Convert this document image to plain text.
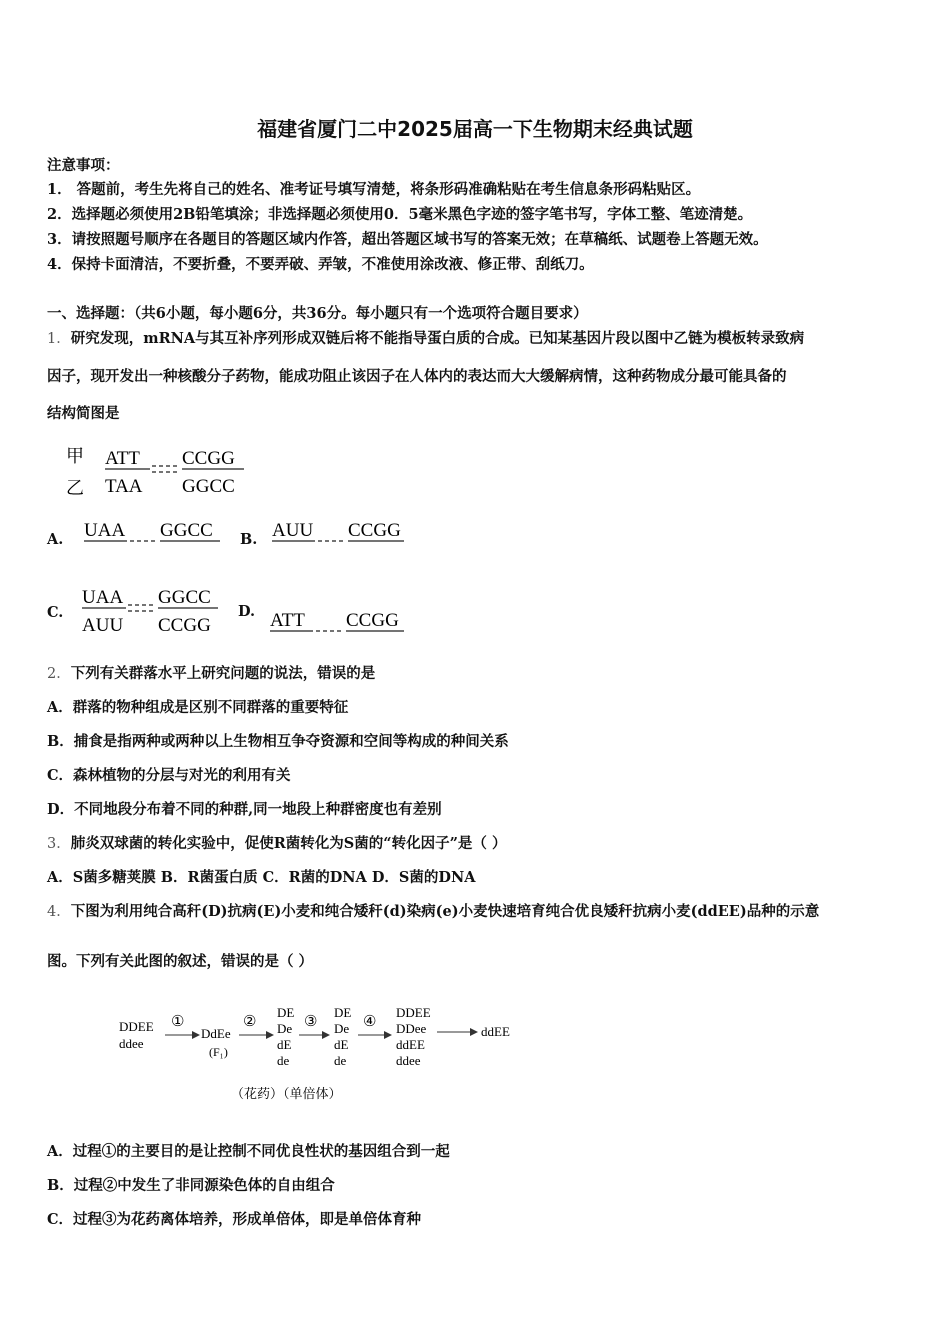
福建省厦门二中2025届高一下生物期末经典试题
注意事项：
1． 答题前，考生先将自己的姓名、准考证号填写清楚，将条形码准确粘贴在考生信息条形码粘贴区。
2．选择题必须使用2B铅笔填涂；非选择题必须使用0．5毫米黑色字迹的签字笔书写，字体工整、笔迹清楚。
3．请按照题号顺序在各题目的答题区域内作答，超出答题区域书写的答案无效；在草稿纸、试题卷上答题无效。
4．保持卡面清洁，不要折叠，不要弄破、弄皱，不准使用涂改液、修正带、刮纸刀。
一、选择题：（共6小题，每小题6分，共36分。每小题只有一个选项符合题目要求）
1．研究发现，mRNA与其互补序列形成双链后将不能指导蛋白质的合成。已知某基因片段以图中乙链为模板转录致病
因子，现开发出一种核酸分子药物，能成功阻止该因子在人体内的表达而大大缓解病情，这种药物成分最可能具备的
结构简图是
甲
乙
ATT
TAA
CCGG
GGCC
A. UAA GGCC B. AUU CCGG
C.
UAA
AUU
GGCC
CCGG
D. ATT CCGG
2．下列有关群落水平上研究问题的说法，错误的是
A．群落的物种组成是区别不同群落的重要特征
B．捕食是指两种或两种以上生物相互争夺资源和空间等构成的种间关系
C．森林植物的分层与对光的利用有关
D．不同地段分布着不同的种群,同一地段上种群密度也有差别
3．肺炎双球菌的转化实验中，促使R菌转化为S菌的“转化因子”是（ ）
A．S菌多糖荚膜 B．R菌蛋白质 C．R菌的DNA D．S菌的DNA
4．下图为利用纯合高秆(D)抗病(E)小麦和纯合矮秆(d)染病(e)小麦快速培育纯合优良矮秆抗病小麦(ddEE)品种的示意
图。下列有关此图的叙述，错误的是（ ）
DDEE
ddee
①
DdEe
(F₁)
②
DE
De
dE
de
③
DE
De
dE
de
④
DDEE
DDee
ddEE
ddee
ddEE
（花药）（单倍体）
A．过程①的主要目的是让控制不同优良性状的基因组合到一起
B．过程②中发生了非同源染色体的自由组合
C．过程③为花药离体培养，形成单倍体，即是单倍体育种
